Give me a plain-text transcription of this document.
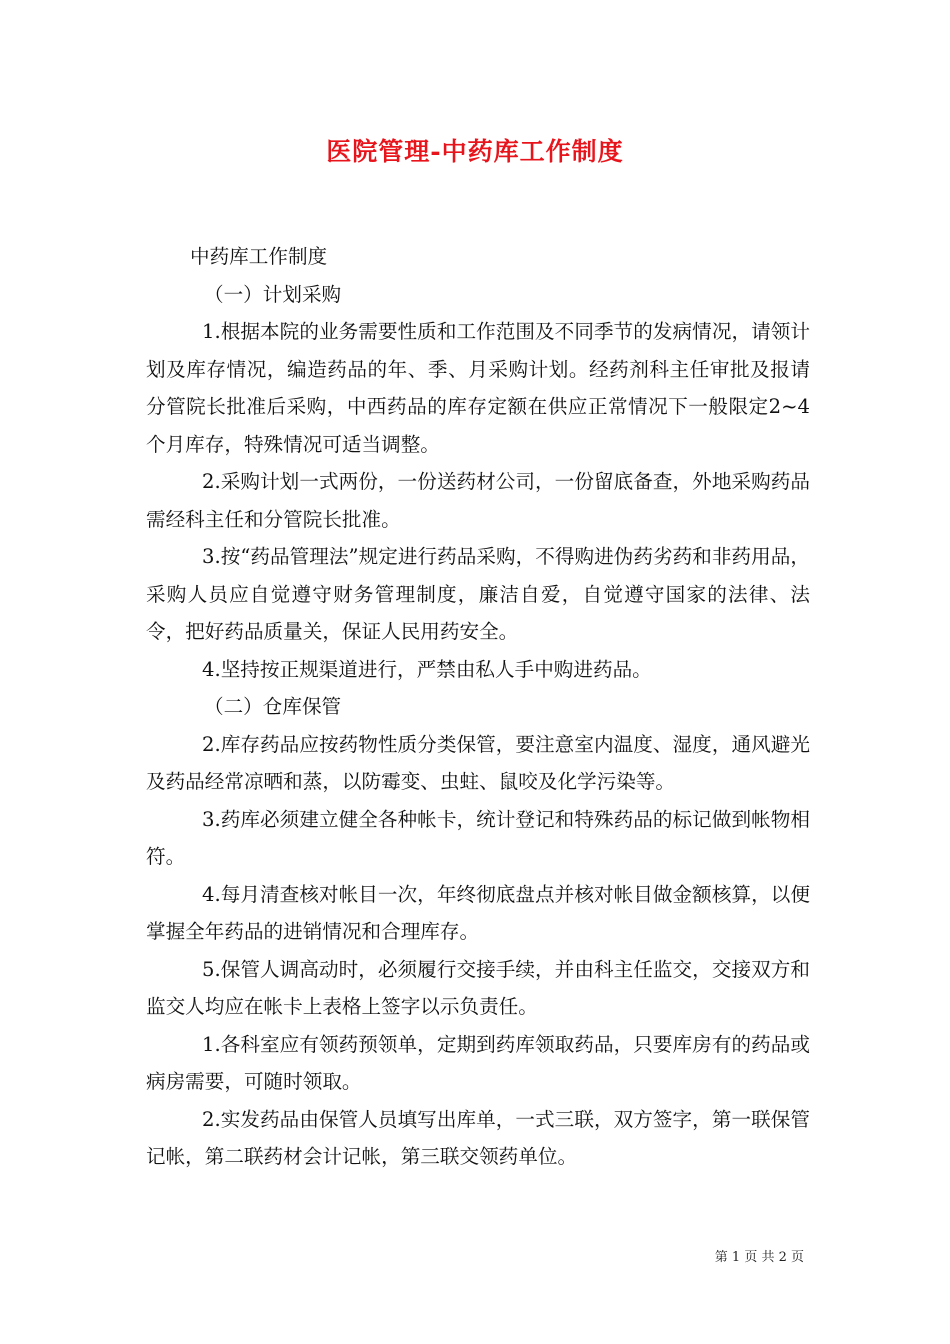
医院管理-中药库工作制度

中药库工作制度

（一）计划采购

1.根据本院的业务需要性质和工作范围及不同季节的发病情况，请领计划及库存情况，编造药品的年、季、月采购计划。经药剂科主任审批及报请分管院长批准后采购，中西药品的库存定额在供应正常情况下一般限定2~4个月库存，特殊情况可适当调整。

2.采购计划一式两份，一份送药材公司，一份留底备查，外地采购药品需经科主任和分管院长批准。

3.按“药品管理法”规定进行药品采购，不得购进伪药劣药和非药用品，采购人员应自觉遵守财务管理制度，廉洁自爱，自觉遵守国家的法律、法令，把好药品质量关，保证人民用药安全。

4.坚持按正规渠道进行，严禁由私人手中购进药品。

（二）仓库保管

2.库存药品应按药物性质分类保管，要注意室内温度、湿度，通风避光及药品经常凉晒和蒸，以防霉变、虫蛀、鼠咬及化学污染等。

3.药库必须建立健全各种帐卡，统计登记和特殊药品的标记做到帐物相符。

4.每月清查核对帐目一次，年终彻底盘点并核对帐目做金额核算，以便掌握全年药品的进销情况和合理库存。

5.保管人调高动时，必须履行交接手续，并由科主任监交，交接双方和监交人均应在帐卡上表格上签字以示负责任。

1.各科室应有领药预领单，定期到药库领取药品，只要库房有的药品或病房需要，可随时领取。

2.实发药品由保管人员填写出库单，一式三联，双方签字，第一联保管记帐，第二联药材会计记帐，第三联交领药单位。

第 1 页 共 2 页
